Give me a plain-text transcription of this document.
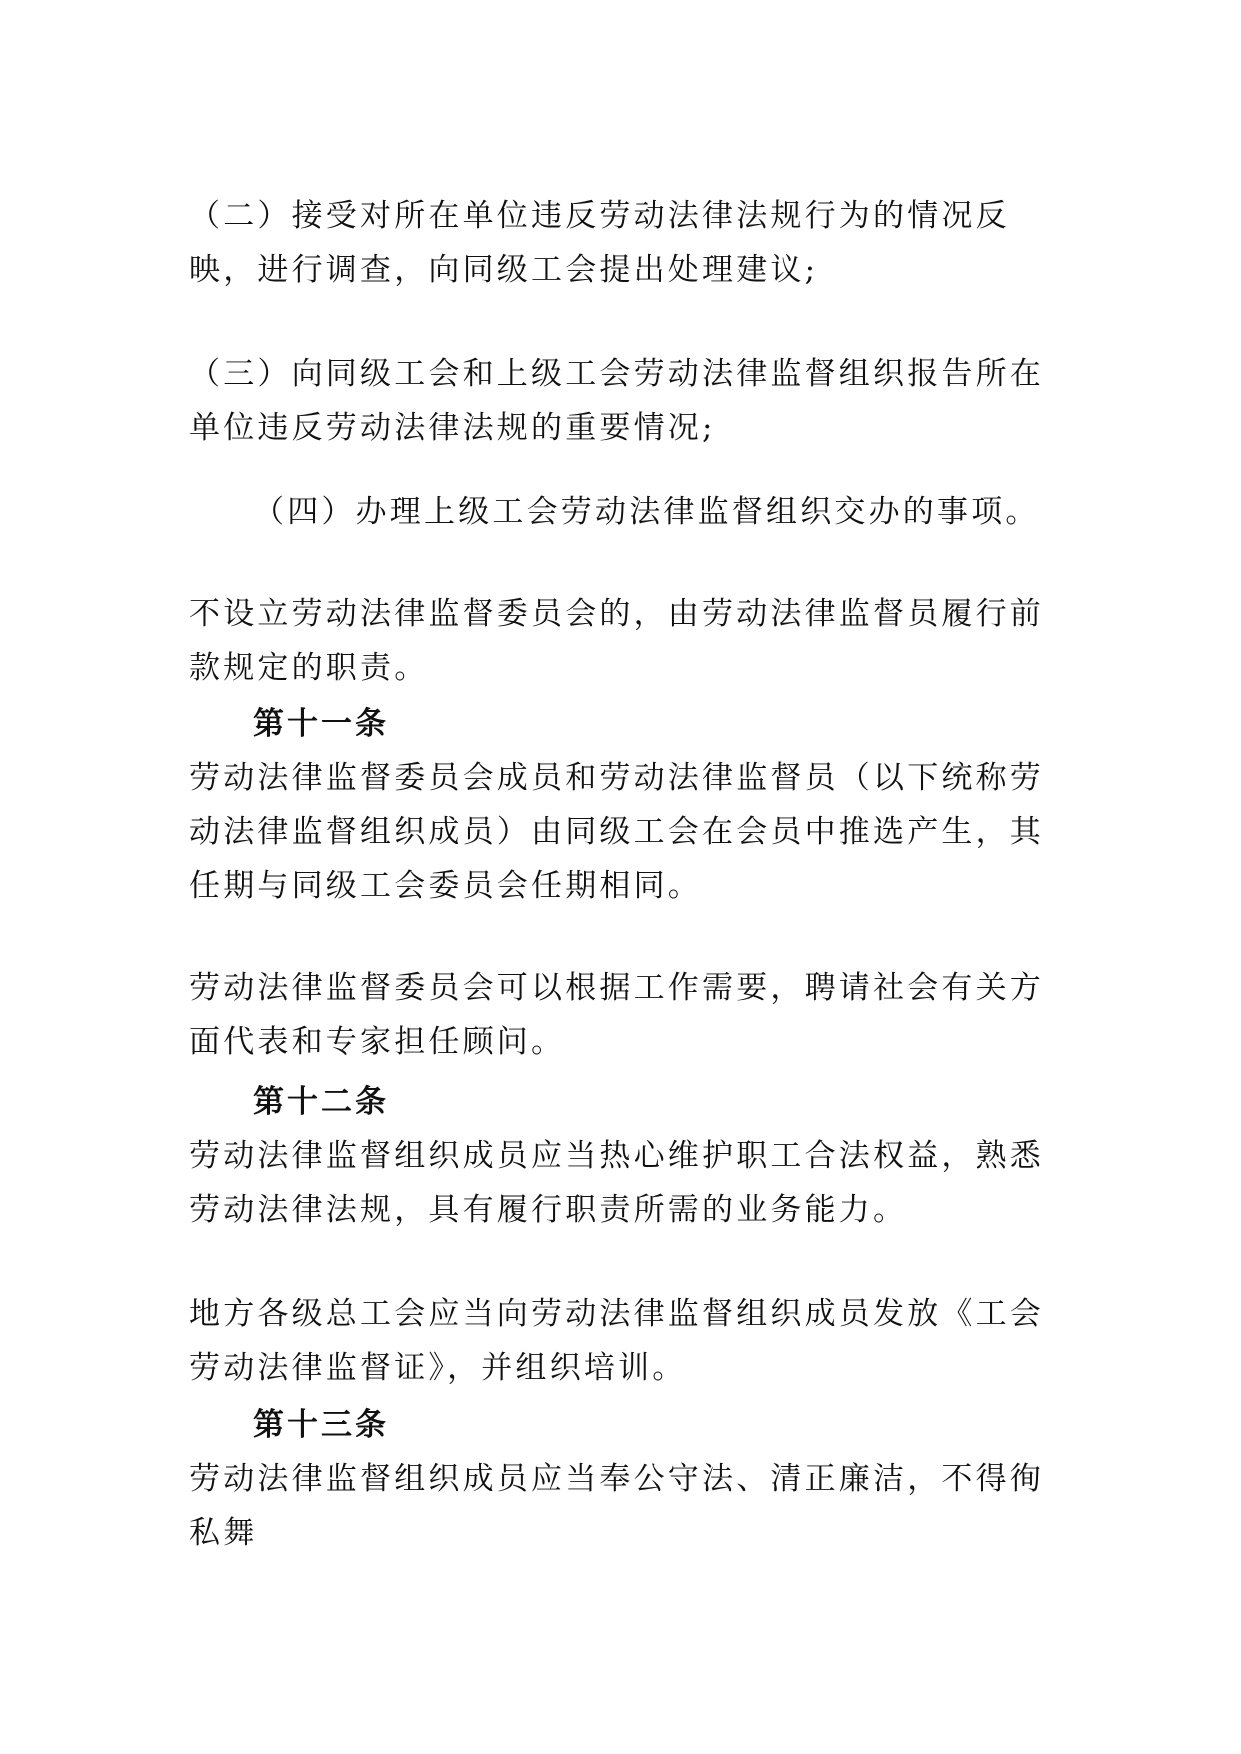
（二）接受对所在单位违反劳动法律法规行为的情况反映，进行调查，向同级工会提出处理建议;
（三）向同级工会和上级工会劳动法律监督组织报告所在单位违反劳动法律法规的重要情况;
（四）办理上级工会劳动法律监督组织交办的事项。
不设立劳动法律监督委员会的，由劳动法律监督员履行前款规定的职责。
第十一条
劳动法律监督委员会成员和劳动法律监督员（以下统称劳动法律监督组织成员）由同级工会在会员中推选产生，其任期与同级工会委员会任期相同。
劳动法律监督委员会可以根据工作需要，聘请社会有关方面代表和专家担任顾问。
第十二条
劳动法律监督组织成员应当热心维护职工合法权益，熟悉劳动法律法规，具有履行职责所需的业务能力。
地方各级总工会应当向劳动法律监督组织成员发放《工会劳动法律监督证》，并组织培训。
第十三条
劳动法律监督组织成员应当奉公守法、清正廉洁，不得徇私舞
